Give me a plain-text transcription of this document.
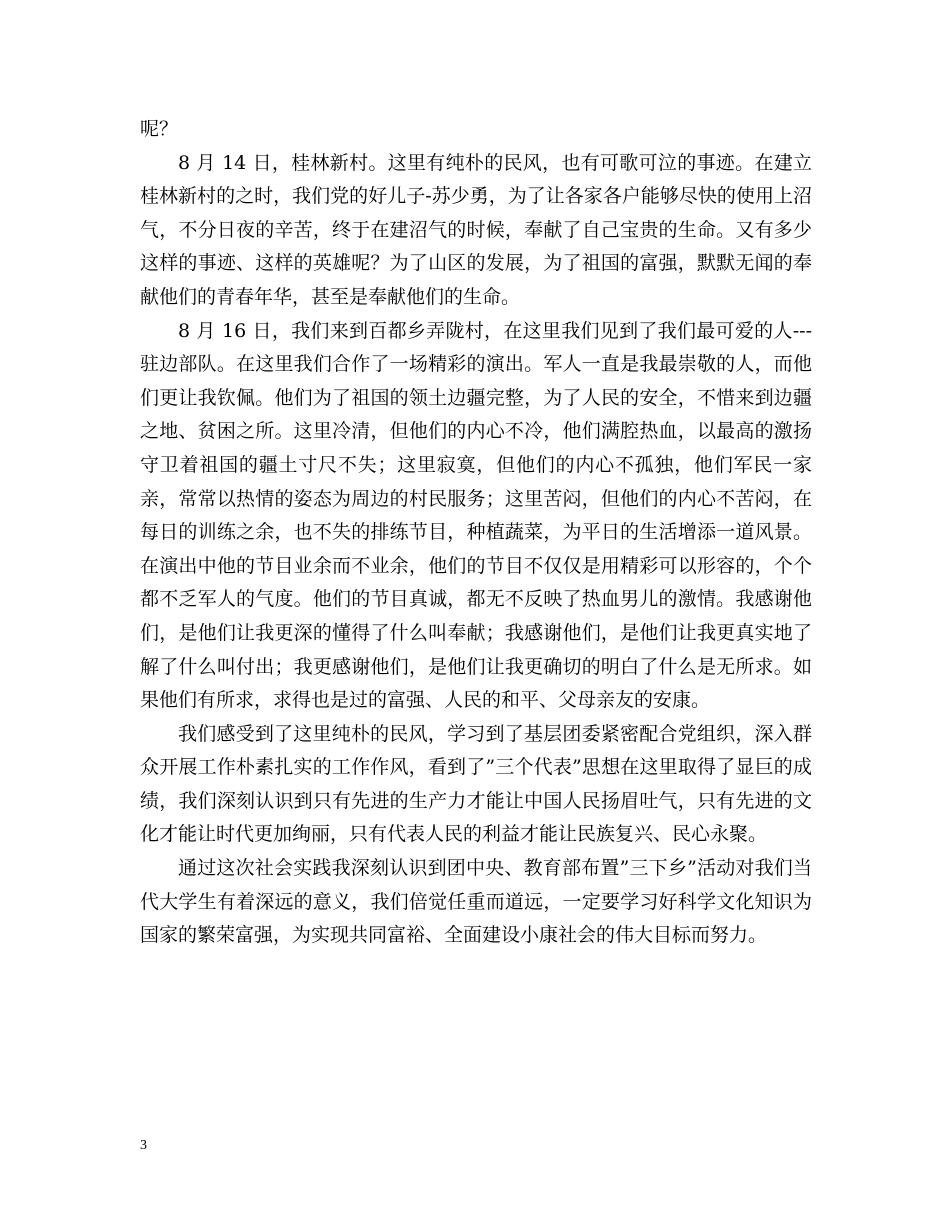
呢？

8 月 14 日，桂林新村。这里有纯朴的民风，也有可歌可泣的事迹。在建立桂林新村的之时，我们党的好儿子-苏少勇，为了让各家各户能够尽快的使用上沼气，不分日夜的辛苦，终于在建沼气的时候，奉献了自己宝贵的生命。又有多少这样的事迹、这样的英雄呢？为了山区的发展，为了祖国的富强，默默无闻的奉献他们的青春年华，甚至是奉献他们的生命。

8 月 16 日，我们来到百都乡弄陇村，在这里我们见到了我们最可爱的人---驻边部队。在这里我们合作了一场精彩的演出。军人一直是我最崇敬的人，而他们更让我钦佩。他们为了祖国的领土边疆完整，为了人民的安全，不惜来到边疆之地、贫困之所。这里冷清，但他们的内心不冷，他们满腔热血，以最高的激扬守卫着祖国的疆土寸尺不失；这里寂寞，但他们的内心不孤独，他们军民一家亲，常常以热情的姿态为周边的村民服务；这里苦闷，但他们的内心不苦闷，在每日的训练之余，也不失的排练节目，种植蔬菜，为平日的生活增添一道风景。在演出中他的节目业余而不业余，他们的节目不仅仅是用精彩可以形容的，个个都不乏军人的气度。他们的节目真诚，都无不反映了热血男儿的激情。我感谢他们，是他们让我更深的懂得了什么叫奉献；我感谢他们，是他们让我更真实地了解了什么叫付出；我更感谢他们，是他们让我更确切的明白了什么是无所求。如果他们有所求，求得也是过的富强、人民的和平、父母亲友的安康。

我们感受到了这里纯朴的民风，学习到了基层团委紧密配合党组织，深入群众开展工作朴素扎实的工作作风，看到了”三个代表”思想在这里取得了显巨的成绩，我们深刻认识到只有先进的生产力才能让中国人民扬眉吐气，只有先进的文化才能让时代更加绚丽，只有代表人民的利益才能让民族复兴、民心永聚。

通过这次社会实践我深刻认识到团中央、教育部布置”三下乡”活动对我们当代大学生有着深远的意义，我们倍觉任重而道远，一定要学习好科学文化知识为国家的繁荣富强，为实现共同富裕、全面建设小康社会的伟大目标而努力。

3
